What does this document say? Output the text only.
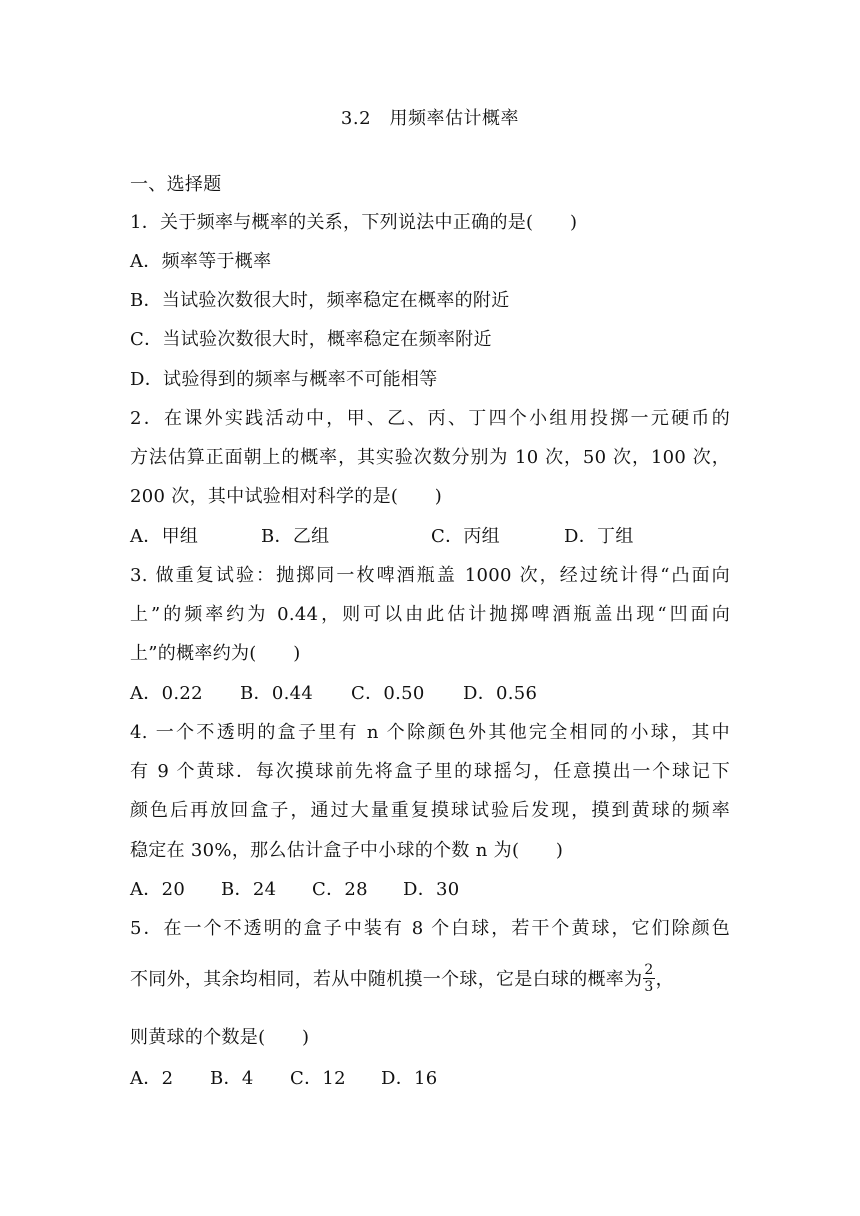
3.2　用频率估计概率
一、选择题
1．关于频率与概率的关系，下列说法中正确的是(　　)
A．频率等于概率
B．当试验次数很大时，频率稳定在概率的附近
C．当试验次数很大时，概率稳定在频率附近
D．试验得到的频率与概率不可能相等
2．在课外实践活动中，甲、乙、丙、丁四个小组用投掷一元硬币的
方法估算正面朝上的概率，其实验次数分别为 10 次，50 次，100 次，
200 次，其中试验相对科学的是(　　)
A．甲组	B．乙组	C．丙组	D．丁组
3. 做重复试验：抛掷同一枚啤酒瓶盖 1000 次，经过统计得“凸面向
上”的频率约为 0.44，则可以由此估计抛掷啤酒瓶盖出现“凹面向
上”的概率约为(　　)
A．0.22 B．0.44 C．0.50 D．0.56
4. 一个不透明的盒子里有 n 个除颜色外其他完全相同的小球，其中
有 9 个黄球．每次摸球前先将盒子里的球摇匀，任意摸出一个球记下
颜色后再放回盒子，通过大量重复摸球试验后发现，摸到黄球的频率
稳定在 30%，那么估计盒子中小球的个数 n 为(　　)
A．20 B．24 C．28 D．30
5．在一个不透明的盒子中装有 8 个白球，若干个黄球，它们除颜色
不同外，其余均相同，若从中随机摸一个球，它是白球的概率为 $\frac{2}{3}$ ，
则黄球的个数是(　　)
A．2 B．4 C．12 D．16
